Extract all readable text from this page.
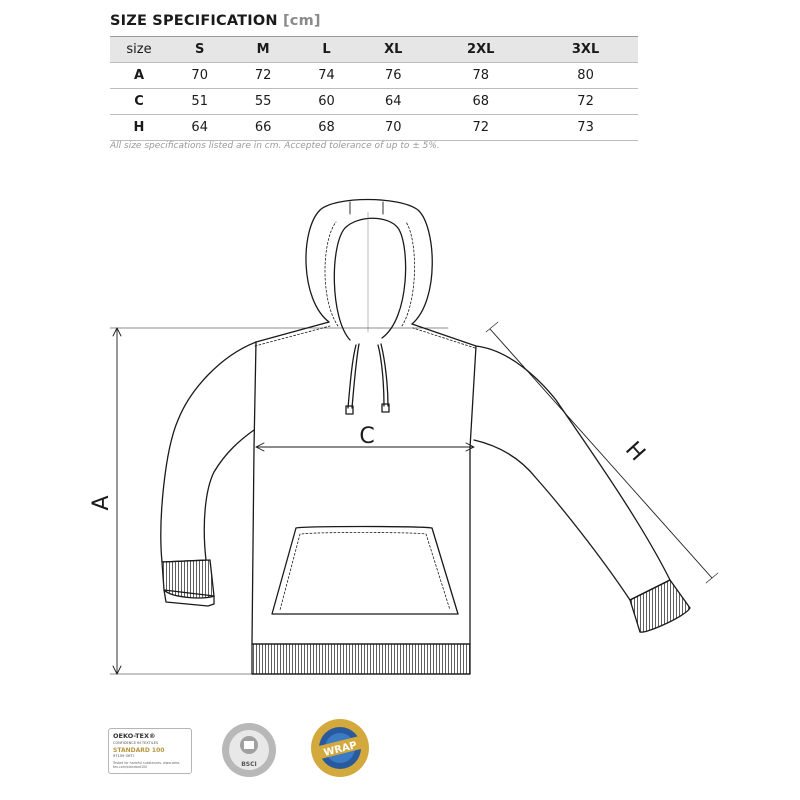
SIZE SPECIFICATION [cm]
size	S	M	L	XL	2XL	3XL
A	70	72	74	76	78	80
C	51	55	60	64	68	72
H	64	66	68	70	72	73
All size specifications listed are in cm. Accepted tolerance of up to ± 5%.
A
C
H
BSCI
WRAP
OEKO-TEX®
CONFIDENCE IN TEXTILES
STANDARD 100
97159 OETI
Tested for harmful substances. www.oeko-tex.com/standard100
